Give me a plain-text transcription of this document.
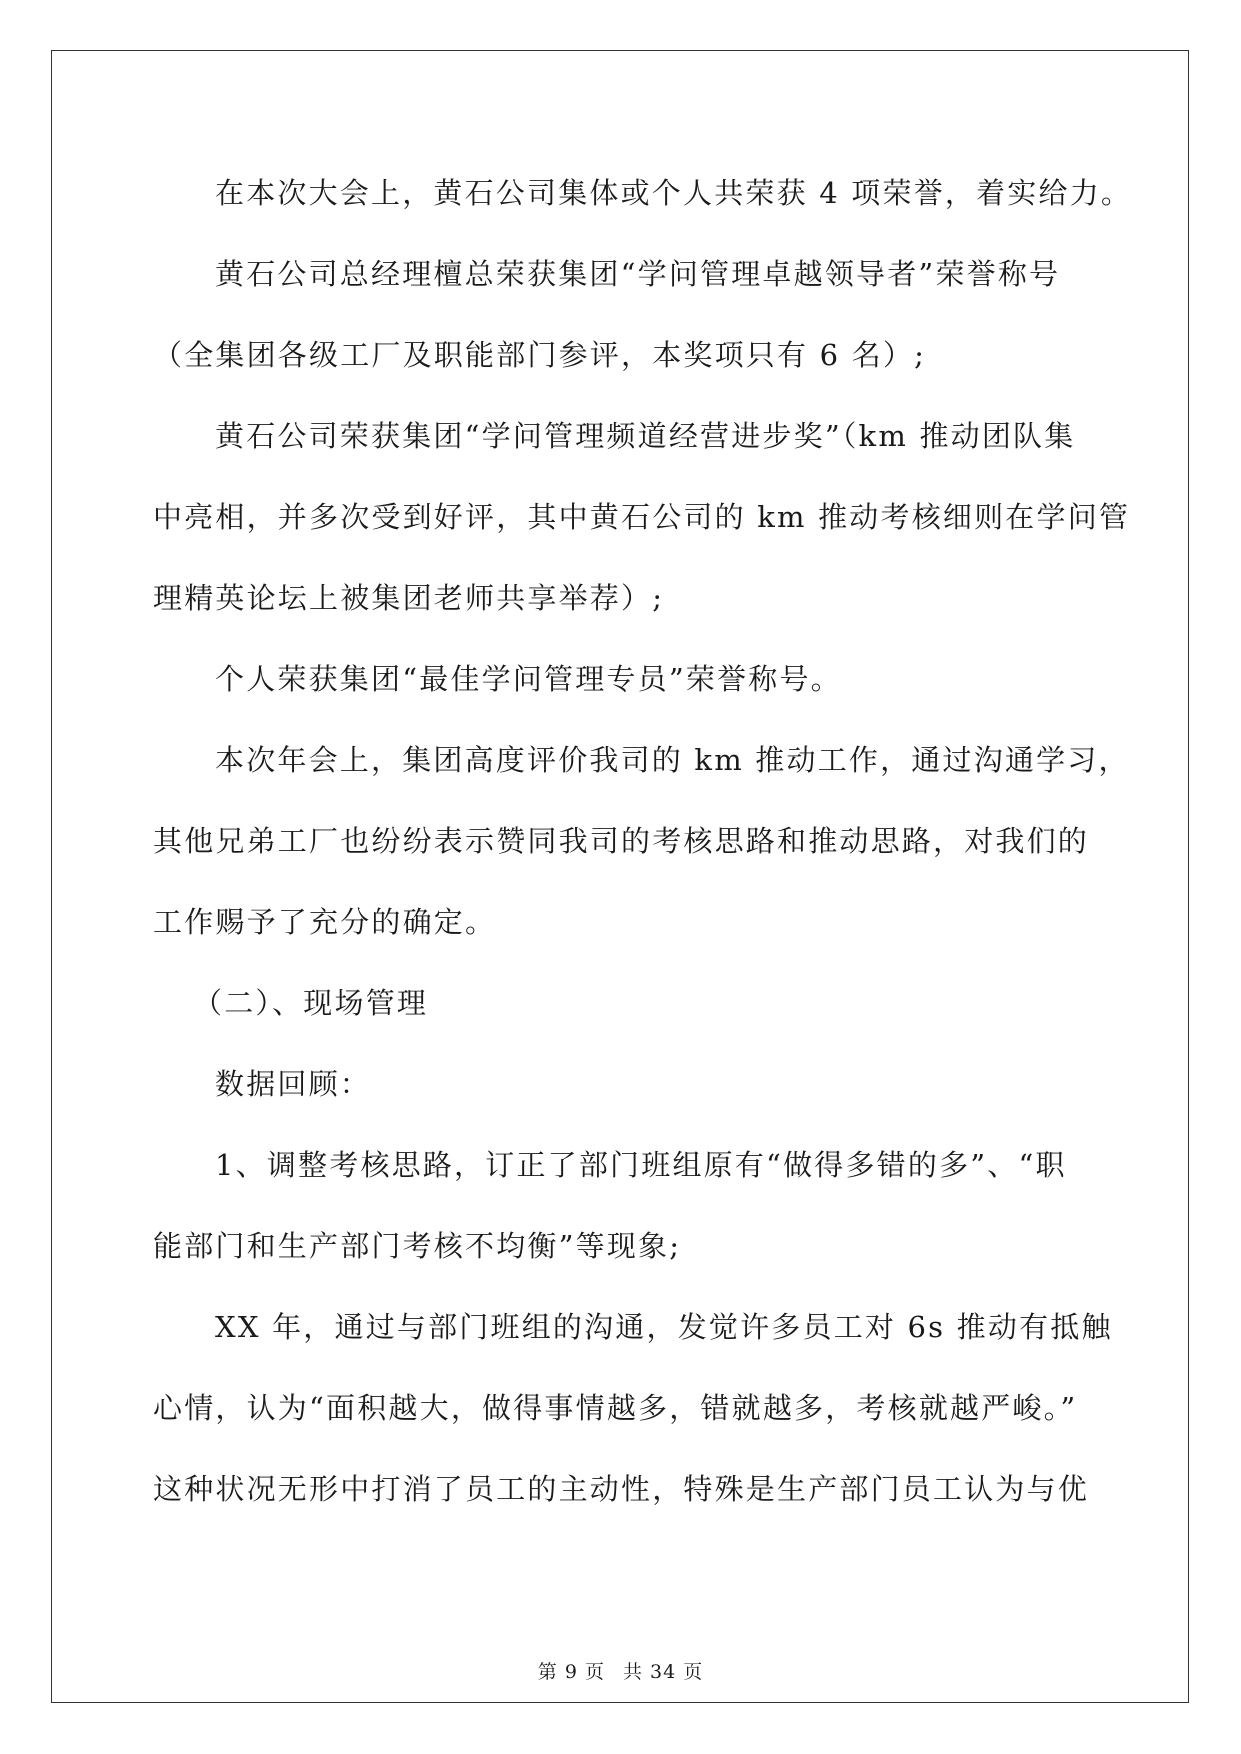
在本次大会上，黄石公司集体或个人共荣获 4 项荣誉，着实给力。
黄石公司总经理檀总荣获集团“学问管理卓越领导者”荣誉称号
（全集团各级工厂及职能部门参评，本奖项只有 6 名）;
黄石公司荣获集团“学问管理频道经营进步奖”（km 推动团队集
中亮相，并多次受到好评，其中黄石公司的 km 推动考核细则在学问管
理精英论坛上被集团老师共享举荐）;
个人荣获集团“最佳学问管理专员”荣誉称号。
本次年会上，集团高度评价我司的 km 推动工作，通过沟通学习，
其他兄弟工厂也纷纷表示赞同我司的考核思路和推动思路，对我们的
工作赐予了充分的确定。
（二）、现场管理
数据回顾：
1、调整考核思路，订正了部门班组原有“做得多错的多”、“职
能部门和生产部门考核不均衡”等现象;
XX 年，通过与部门班组的沟通，发觉许多员工对 6s 推动有抵触
心情，认为“面积越大，做得事情越多，错就越多，考核就越严峻。”
这种状况无形中打消了员工的主动性，特殊是生产部门员工认为与优
第 9 页 共 34 页
